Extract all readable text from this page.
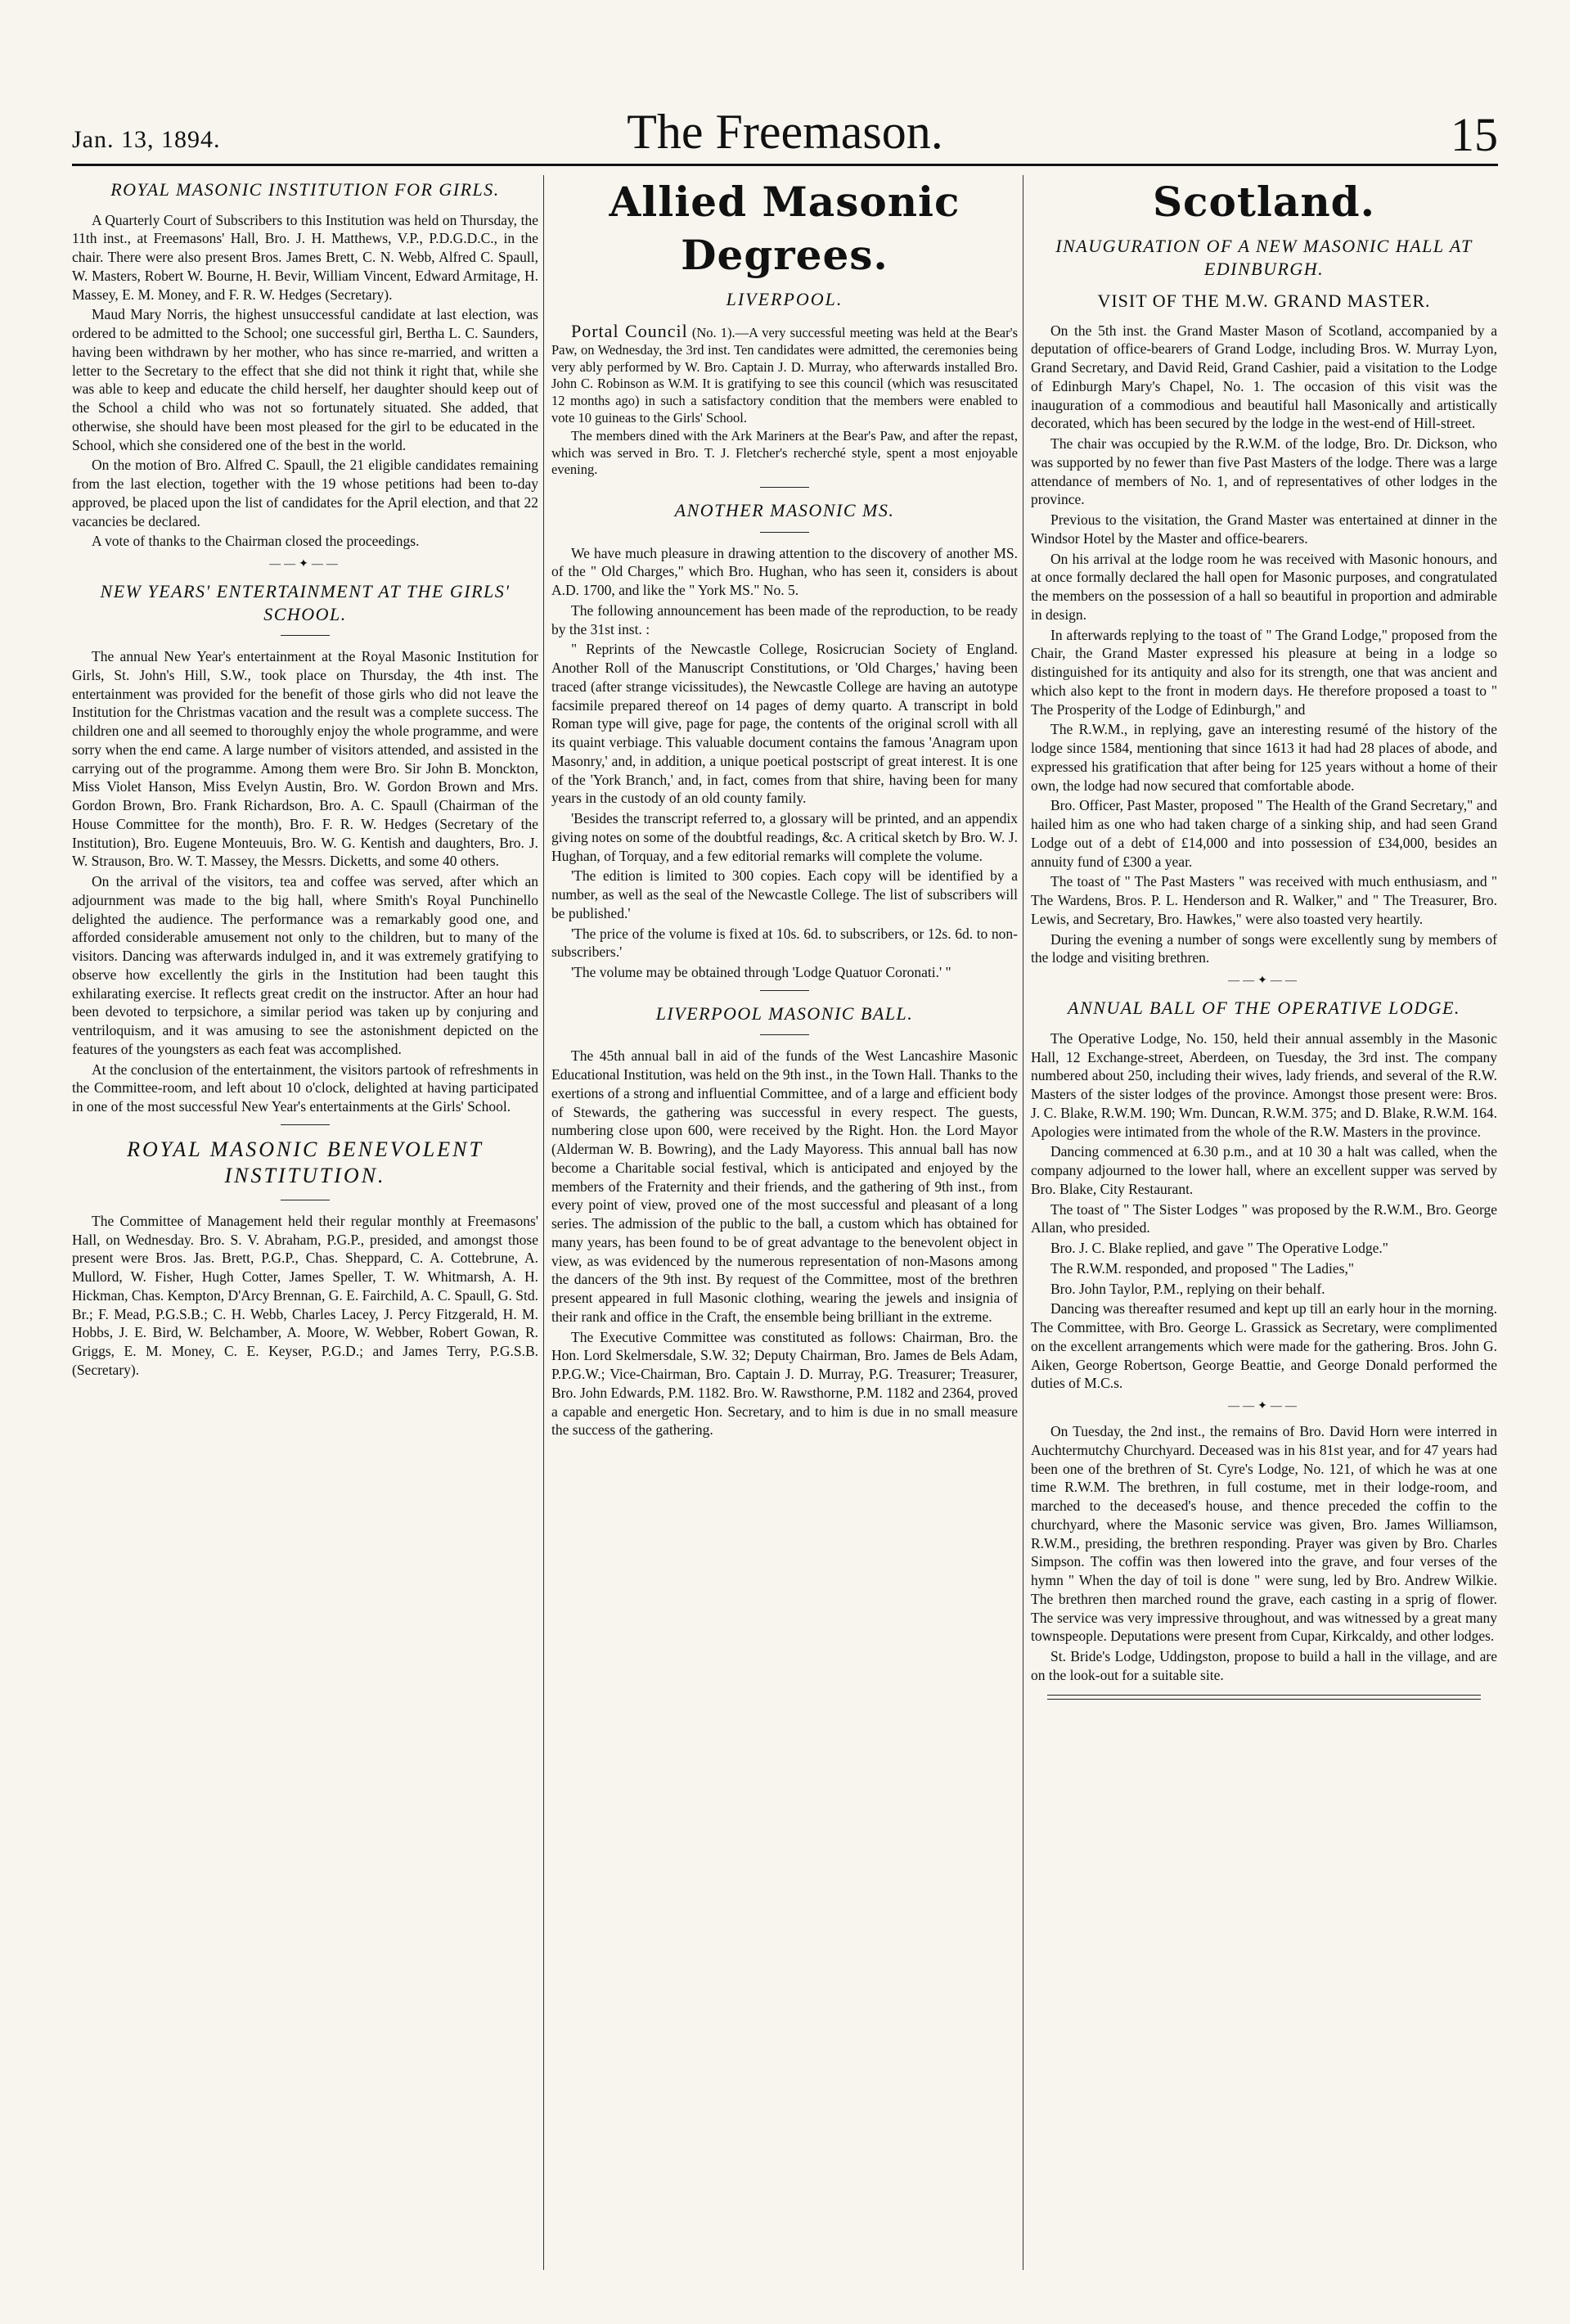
Jan. 13, 1894.	The Freemason.	15
ROYAL MASONIC INSTITUTION FOR GIRLS.

A Quarterly Court of Subscribers to this Institution was held on Thursday, the 11th inst., at Freemasons' Hall, Bro. J. H. Matthews, V.P., P.D.G.D.C., in the chair. There were also present Bros. James Brett, C. N. Webb, Alfred C. Spaull, W. Masters, Robert W. Bourne, H. Bevir, William Vincent, Edward Armitage, H. Massey, E. M. Money, and F. R. W. Hedges (Secretary).

Maud Mary Norris, the highest unsuccessful candidate at last election, was ordered to be admitted to the School; one successful girl, Bertha L. C. Saunders, having been withdrawn by her mother, who has since re-married, and written a letter to the Secretary to the effect that she did not think it right that, while she was able to keep and educate the child herself, her daughter should keep out of the School a child who was not so fortunately situated. She added, that otherwise, she should have been most pleased for the girl to be educated in the School, which she considered one of the best in the world.

On the motion of Bro. Alfred C. Spaull, the 21 eligible candidates remaining from the last election, together with the 19 whose petitions had been to-day approved, be placed upon the list of candidates for the April election, and that 22 vacancies be declared.

A vote of thanks to the Chairman closed the proceedings.

——✦——
NEW YEARS' ENTERTAINMENT AT THE GIRLS' SCHOOL.

The annual New Year's entertainment at the Royal Masonic Institution for Girls, St. John's Hill, S.W., took place on Thursday, the 4th inst. The entertainment was provided for the benefit of those girls who did not leave the Institution for the Christmas vacation and the result was a complete success. The children one and all seemed to thoroughly enjoy the whole programme, and were sorry when the end came. A large number of visitors attended, and assisted in the carrying out of the programme. Among them were Bro. Sir John B. Monckton, Miss Violet Hanson, Miss Evelyn Austin, Bro. W. Gordon Brown and Mrs. Gordon Brown, Bro. Frank Richardson, Bro. A. C. Spaull (Chairman of the House Committee for the month), Bro. F. R. W. Hedges (Secretary of the Institution), Bro. Eugene Monteuuis, Bro. W. G. Kentish and daughters, Bro. J. W. Strauson, Bro. W. T. Massey, the Messrs. Dicketts, and some 40 others.

On the arrival of the visitors, tea and coffee was served, after which an adjournment was made to the big hall, where Smith's Royal Punchinello delighted the audience. The performance was a remarkably good one, and afforded considerable amusement not only to the children, but to many of the visitors. Dancing was afterwards indulged in, and it was extremely gratifying to observe how excellently the girls in the Institution had been taught this exhilarating exercise. It reflects great credit on the instructor. After an hour had been devoted to terpsichore, a similar period was taken up by conjuring and ventriloquism, and it was amusing to see the astonishment depicted on the features of the youngsters as each feat was accomplished.

At the conclusion of the entertainment, the visitors partook of refreshments in the Committee-room, and left about 10 o'clock, delighted at having participated in one of the most successful New Year's entertainments at the Girls' School.

ROYAL MASONIC BENEVOLENT INSTITUTION.

The Committee of Management held their regular monthly at Freemasons' Hall, on Wednesday. Bro. S. V. Abraham, P.G.P., presided, and amongst those present were Bros. Jas. Brett, P.G.P., Chas. Sheppard, C. A. Cottebrune, A. Mullord, W. Fisher, Hugh Cotter, James Speller, T. W. Whitmarsh, A. H. Hickman, Chas. Kempton, D'Arcy Brennan, G. E. Fairchild, A. C. Spaull, G. Std. Br.; F. Mead, P.G.S.B.; C. H. Webb, Charles Lacey, J. Percy Fitzgerald, H. M. Hobbs, J. E. Bird, W. Belchamber, A. Moore, W. Webber, Robert Gowan, R. Griggs, E. M. Money, C. E. Keyser, P.G.D.; and James Terry, P.G.S.B. (Secretary).

Allied Masonic Degrees.
LIVERPOOL.

Portal Council (No. 1).—A very successful meeting was held at the Bear's Paw, on Wednesday, the 3rd inst. Ten candidates were admitted, the ceremonies being very ably performed by W. Bro. Captain J. D. Murray, who afterwards installed Bro. John C. Robinson as W.M. It is gratifying to see this council (which was resuscitated 12 months ago) in such a satisfactory condition that the members were enabled to vote 10 guineas to the Girls' School.

The members dined with the Ark Mariners at the Bear's Paw, and after the repast, which was served in Bro. T. J. Fletcher's recherché style, spent a most enjoyable evening.

ANOTHER MASONIC MS.

We have much pleasure in drawing attention to the discovery of another MS. of the " Old Charges," which Bro. Hughan, who has seen it, considers is about A.D. 1700, and like the " York MS." No. 5.

The following announcement has been made of the reproduction, to be ready by the 31st inst. :

" Reprints of the Newcastle College, Rosicrucian Society of England. Another Roll of the Manuscript Constitutions, or 'Old Charges,' having been traced (after strange vicissitudes), the Newcastle College are having an autotype facsimile prepared thereof on 14 pages of demy quarto. A transcript in bold Roman type will give, page for page, the contents of the original scroll with all its quaint verbiage. This valuable document contains the famous 'Anagram upon Masonry,' and, in addition, a unique poetical postscript of great interest. It is one of the 'York Branch,' and, in fact, comes from that shire, having been for many years in the custody of an old county family.

'Besides the transcript referred to, a glossary will be printed, and an appendix giving notes on some of the doubtful readings, &c. A critical sketch by Bro. W. J. Hughan, of Torquay, and a few editorial remarks will complete the volume.

'The edition is limited to 300 copies. Each copy will be identified by a number, as well as the seal of the Newcastle College. The list of subscribers will be published.'

'The price of the volume is fixed at 10s. 6d. to subscribers, or 12s. 6d. to non-subscribers.'

'The volume may be obtained through 'Lodge Quatuor Coronati.' "

LIVERPOOL MASONIC BALL.

The 45th annual ball in aid of the funds of the West Lancashire Masonic Educational Institution, was held on the 9th inst., in the Town Hall. Thanks to the exertions of a strong and influential Committee, and of a large and efficient body of Stewards, the gathering was successful in every respect. The guests, numbering close upon 600, were received by the Right. Hon. the Lord Mayor (Alderman W. B. Bowring), and the Lady Mayoress. This annual ball has now become a Charitable social festival, which is anticipated and enjoyed by the members of the Fraternity and their friends, and the gathering of 9th inst., from every point of view, proved one of the most successful and pleasant of a long series. The admission of the public to the ball, a custom which has obtained for many years, has been found to be of great advantage to the benevolent object in view, as was evidenced by the numerous representation of non-Masons among the dancers of the 9th inst. By request of the Committee, most of the brethren present appeared in full Masonic clothing, wearing the jewels and insignia of their rank and office in the Craft, the ensemble being brilliant in the extreme.

The Executive Committee was constituted as follows: Chairman, Bro. the Hon. Lord Skelmersdale, S.W. 32; Deputy Chairman, Bro. James de Bels Adam, P.P.G.W.; Vice-Chairman, Bro. Captain J. D. Murray, P.G. Treasurer; Treasurer, Bro. John Edwards, P.M. 1182. Bro. W. Rawsthorne, P.M. 1182 and 2364, proved a capable and energetic Hon. Secretary, and to him is due in no small measure the success of the gathering.

Scotland.
INAUGURATION OF A NEW MASONIC HALL AT EDINBURGH.
VISIT OF THE M.W. GRAND MASTER.

On the 5th inst. the Grand Master Mason of Scotland, accompanied by a deputation of office-bearers of Grand Lodge, including Bros. W. Murray Lyon, Grand Secretary, and David Reid, Grand Cashier, paid a visitation to the Lodge of Edinburgh Mary's Chapel, No. 1. The occasion of this visit was the inauguration of a commodious and beautiful hall Masonically and artistically decorated, which has been secured by the lodge in the west-end of Hill-street.

The chair was occupied by the R.W.M. of the lodge, Bro. Dr. Dickson, who was supported by no fewer than five Past Masters of the lodge. There was a large attendance of members of No. 1, and of representatives of other lodges in the province.

Previous to the visitation, the Grand Master was entertained at dinner in the Windsor Hotel by the Master and office-bearers.

On his arrival at the lodge room he was received with Masonic honours, and at once formally declared the hall open for Masonic purposes, and congratulated the members on the possession of a hall so beautiful in proportion and admirable in design.

In afterwards replying to the toast of " The Grand Lodge," proposed from the Chair, the Grand Master expressed his pleasure at being in a lodge so distinguished for its antiquity and also for its strength, one that was ancient and which also kept to the front in modern days. He therefore proposed a toast to " The Prosperity of the Lodge of Edinburgh," and

The R.W.M., in replying, gave an interesting resumé of the history of the lodge since 1584, mentioning that since 1613 it had had 28 places of abode, and expressed his gratification that after being for 125 years without a home of their own, the lodge had now secured that comfortable abode.

Bro. Officer, Past Master, proposed " The Health of the Grand Secretary," and hailed him as one who had taken charge of a sinking ship, and had seen Grand Lodge out of a debt of £14,000 and into possession of £34,000, besides an annuity fund of £300 a year.

The toast of " The Past Masters " was received with much enthusiasm, and " The Wardens, Bros. P. L. Henderson and R. Walker," and " The Treasurer, Bro. Lewis, and Secretary, Bro. Hawkes," were also toasted very heartily.

During the evening a number of songs were excellently sung by members of the lodge and visiting brethren.

——✦——
ANNUAL BALL OF THE OPERATIVE LODGE.

The Operative Lodge, No. 150, held their annual assembly in the Masonic Hall, 12 Exchange-street, Aberdeen, on Tuesday, the 3rd inst. The company numbered about 250, including their wives, lady friends, and several of the R.W. Masters of the sister lodges of the province. Amongst those present were: Bros. J. C. Blake, R.W.M. 190; Wm. Duncan, R.W.M. 375; and D. Blake, R.W.M. 164. Apologies were intimated from the whole of the R.W. Masters in the province.

Dancing commenced at 6.30 p.m., and at 10 30 a halt was called, when the company adjourned to the lower hall, where an excellent supper was served by Bro. Blake, City Restaurant.

The toast of " The Sister Lodges " was proposed by the R.W.M., Bro. George Allan, who presided.

Bro. J. C. Blake replied, and gave " The Operative Lodge."

The R.W.M. responded, and proposed " The Ladies,"

Bro. John Taylor, P.M., replying on their behalf.

Dancing was thereafter resumed and kept up till an early hour in the morning. The Committee, with Bro. George L. Grassick as Secretary, were complimented on the excellent arrangements which were made for the gathering. Bros. John G. Aiken, George Robertson, George Beattie, and George Donald performed the duties of M.C.s.

——✦——

On Tuesday, the 2nd inst., the remains of Bro. David Horn were interred in Auchtermutchy Churchyard. Deceased was in his 81st year, and for 47 years had been one of the brethren of St. Cyre's Lodge, No. 121, of which he was at one time R.W.M. The brethren, in full costume, met in their lodge-room, and marched to the deceased's house, and thence preceded the coffin to the churchyard, where the Masonic service was given, Bro. James Williamson, R.W.M., presiding, the brethren responding. Prayer was given by Bro. Charles Simpson. The coffin was then lowered into the grave, and four verses of the hymn " When the day of toil is done " were sung, led by Bro. Andrew Wilkie. The brethren then marched round the grave, each casting in a sprig of flower. The service was very impressive throughout, and was witnessed by a great many townspeople. Deputations were present from Cupar, Kirkcaldy, and other lodges.

St. Bride's Lodge, Uddingston, propose to build a hall in the village, and are on the look-out for a suitable site.
